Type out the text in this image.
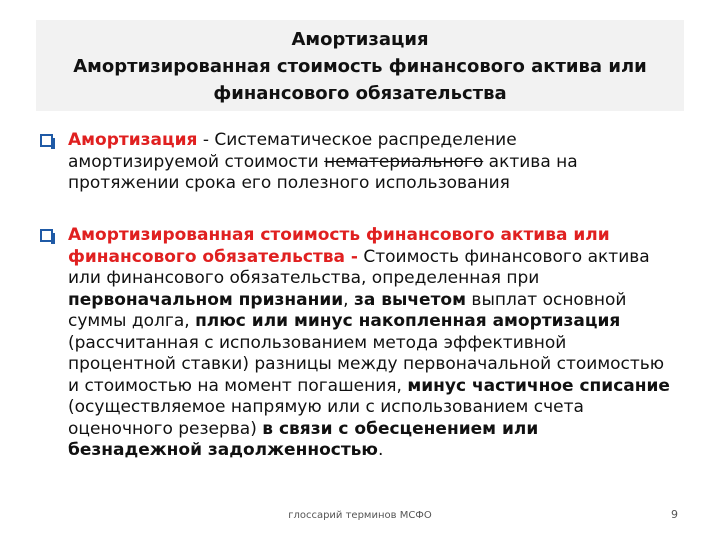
Амортизация
Амортизированная стоимость финансового актива или
финансового обязательства
Амортизация - Систематическое распределение амортизируемой стоимости нематериального актива на протяжении срока его полезного использования
Амортизированная стоимость финансового актива или финансового обязательства - Стоимость финансового актива или финансового обязательства, определенная при первоначальном признании, за вычетом выплат основной суммы долга, плюс или минус накопленная амортизация (рассчитанная с использованием метода эффективной процентной ставки) разницы между первоначальной стоимостью и стоимостью на момент погашения, минус частичное списание (осуществляемое напрямую или с использованием счета оценочного резерва) в связи с обесценением или безнадежной задолженностью.
глоссарий терминов МСФО	9
